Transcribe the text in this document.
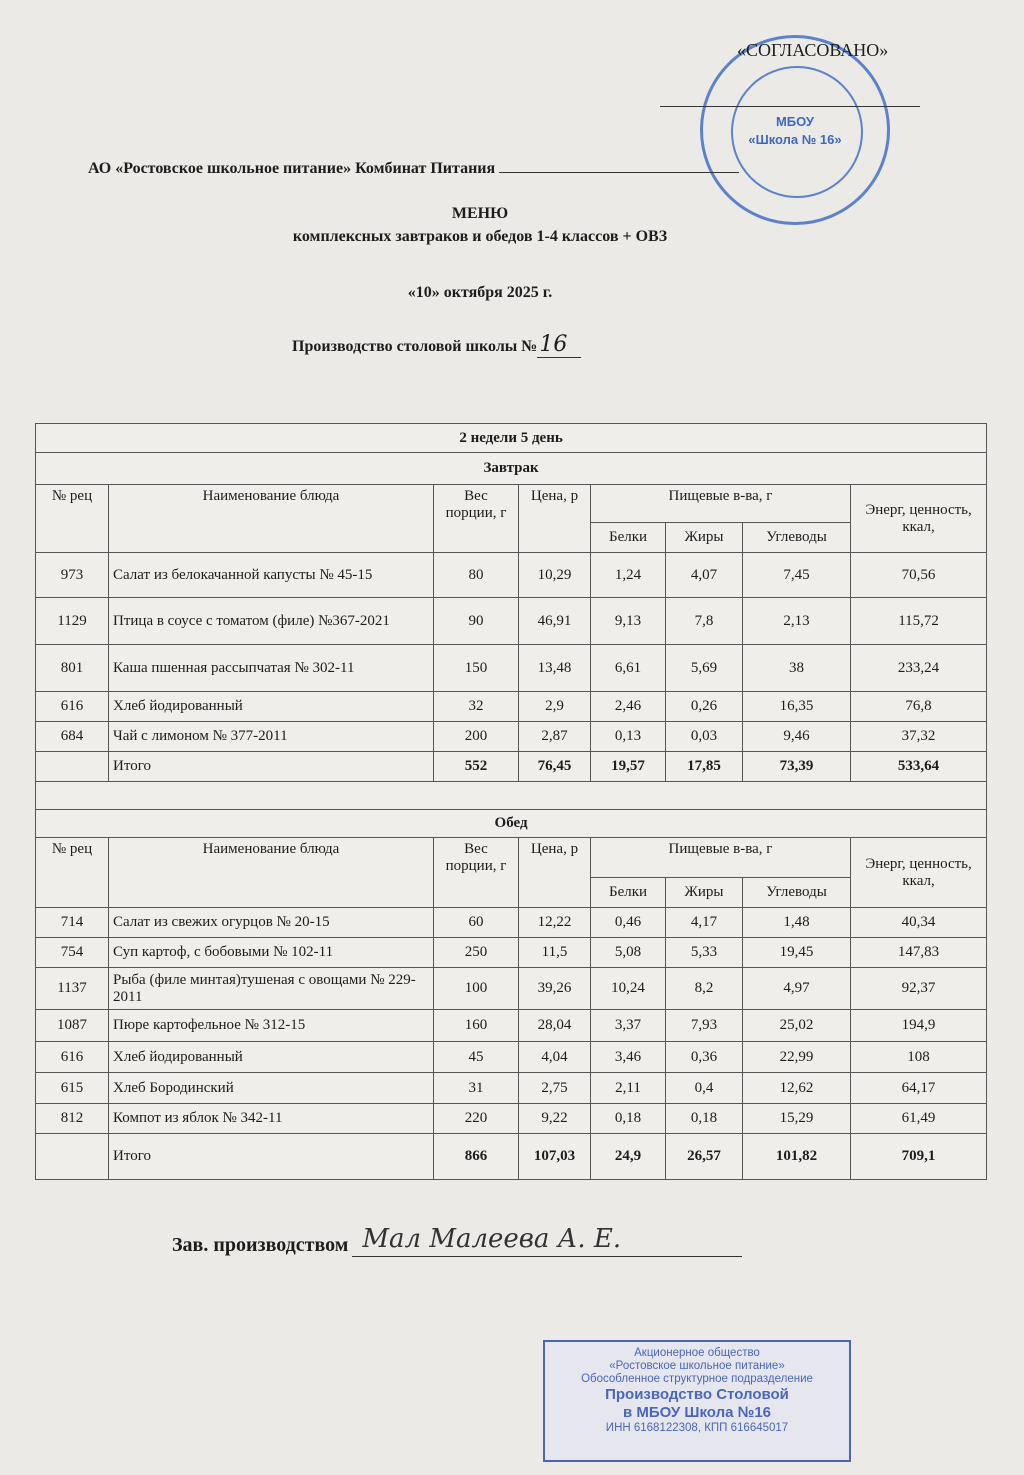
МБОУ
«Школа № 16»
«СОГЛАСОВАНО»
АО «Ростовское школьное питание» Комбинат Питания
МЕНЮ
комплексных завтраков и обедов 1-4 классов + ОВЗ
«10» октября 2025 г.
Производство столовой школы №16
2 недели 5 день							
Завтрак							
№ рец	Наименование блюда	Вес порции, г	Цена, р	Пищевые в-ва, г			Энерг, ценность, ккал,
				Белки	Жиры	Углеводы	
973	Салат из белокачанной капусты № 45-15	80	10,29	1,24	4,07	7,45	70,56
1129	Птица в соусе с томатом (филе) №367-2021	90	46,91	9,13	7,8	2,13	115,72
801	Каша пшенная рассыпчатая № 302-11	150	13,48	6,61	5,69	38	233,24
616	Хлеб йодированный	32	2,9	2,46	0,26	16,35	76,8
684	Чай с лимоном № 377-2011	200	2,87	0,13	0,03	9,46	37,32
	Итого	552	76,45	19,57	17,85	73,39	533,64

Обед							
№ рец	Наименование блюда	Вес порции, г	Цена, р	Пищевые в-ва, г			Энерг, ценность, ккал,
				Белки	Жиры	Углеводы	
714	Салат из свежих огурцов № 20-15	60	12,22	0,46	4,17	1,48	40,34
754	Суп картоф, с бобовыми № 102-11	250	11,5	5,08	5,33	19,45	147,83
1137	Рыба (филе минтая)тушеная с овощами № 229-2011	100	39,26	10,24	8,2	4,97	92,37
1087	Пюре картофельное № 312-15	160	28,04	3,37	7,93	25,02	194,9
616	Хлеб йодированный	45	4,04	3,46	0,36	22,99	108
615	Хлеб Бородинский	31	2,75	2,11	0,4	12,62	64,17
812	Компот из яблок № 342-11	220	9,22	0,18	0,18	15,29	61,49
	Итого	866	107,03	24,9	26,57	101,82	709,1
Зав. производством Мал Малеева А. Е.
Акционерное общество
«Ростовское школьное питание»
Обособленное структурное подразделение
Производство Столовой
в МБОУ Школа №16
ИНН 6168122308, КПП 616645017
